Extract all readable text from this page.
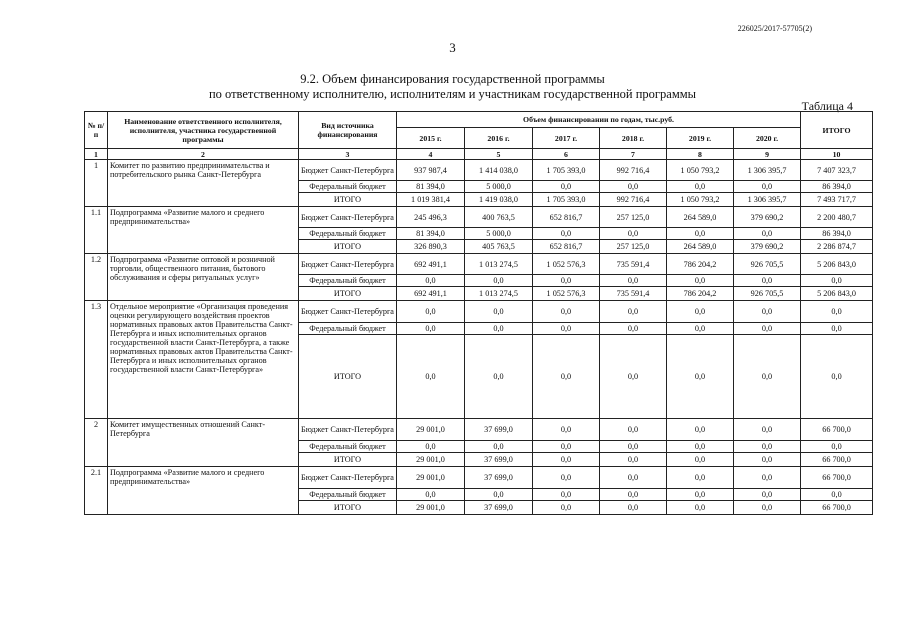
226025/2017-57705(2)
3
9.2. Объем финансирования государственной программы
по ответственному исполнителю, исполнителям и участникам государственной программы
Таблица 4
№ п/п	Наименование ответственного исполнителя, исполнителя, участника государственной программы	Вид источника финансирования	Объем финансировании по годам, тыс.руб.						ИТОГО
			2015 г.	2016 г.	2017 г.	2018 г.	2019 г.	2020 г.	
1	2	3	4	5	6	7	8	9	10
1	Комитет по развитию предпринимательства и потребительского рынка Санкт-Петербурга	Бюджет Санкт-Петербурга	937 987,4	1 414 038,0	1 705 393,0	992 716,4	1 050 793,2	1 306 395,7	7 407 323,7
		Федеральный бюджет	81 394,0	5 000,0	0,0	0,0	0,0	0,0	86 394,0
		ИТОГО	1 019 381,4	1 419 038,0	1 705 393,0	992 716,4	1 050 793,2	1 306 395,7	7 493 717,7
1.1	Подпрограмма «Развитие малого и среднего предпринимательства»	Бюджет Санкт-Петербурга	245 496,3	400 763,5	652 816,7	257 125,0	264 589,0	379 690,2	2 200 480,7
		Федеральный бюджет	81 394,0	5 000,0	0,0	0,0	0,0	0,0	86 394,0
		ИТОГО	326 890,3	405 763,5	652 816,7	257 125,0	264 589,0	379 690,2	2 286 874,7
1.2	Подпрограмма «Развитие оптовой и розничной торговли, общественного питания, бытового обслуживания и сферы ритуальных услуг»	Бюджет Санкт-Петербурга	692 491,1	1 013 274,5	1 052 576,3	735 591,4	786 204,2	926 705,5	5 206 843,0
		Федеральный бюджет	0,0	0,0	0,0	0,0	0,0	0,0	0,0
		ИТОГО	692 491,1	1 013 274,5	1 052 576,3	735 591,4	786 204,2	926 705,5	5 206 843,0
1.3	Отдельное мероприятие «Организация проведения оценки регулирующего воздействия проектов нормативных правовых актов Правительства Санкт-Петербурга и иных исполнительных органов государственной власти Санкт-Петербурга, а также нормативных правовых актов Правительства Санкт-Петербурга и иных исполнительных органов государственной власти Санкт-Петербурга»	Бюджет Санкт-Петербурга	0,0	0,0	0,0	0,0	0,0	0,0	0,0
		Федеральный бюджет	0,0	0,0	0,0	0,0	0,0	0,0	0,0
		ИТОГО	0,0	0,0	0,0	0,0	0,0	0,0	0,0
2	Комитет имущественных отношений Санкт-Петербурга	Бюджет Санкт-Петербурга	29 001,0	37 699,0	0,0	0,0	0,0	0,0	66 700,0
		Федеральный бюджет	0,0	0,0	0,0	0,0	0,0	0,0	0,0
		ИТОГО	29 001,0	37 699,0	0,0	0,0	0,0	0,0	66 700,0
2.1	Подпрограмма «Развитие малого и среднего предпринимательства»	Бюджет Санкт-Петербурга	29 001,0	37 699,0	0,0	0,0	0,0	0,0	66 700,0
		Федеральный бюджет	0,0	0,0	0,0	0,0	0,0	0,0	0,0
		ИТОГО	29 001,0	37 699,0	0,0	0,0	0,0	0,0	66 700,0
